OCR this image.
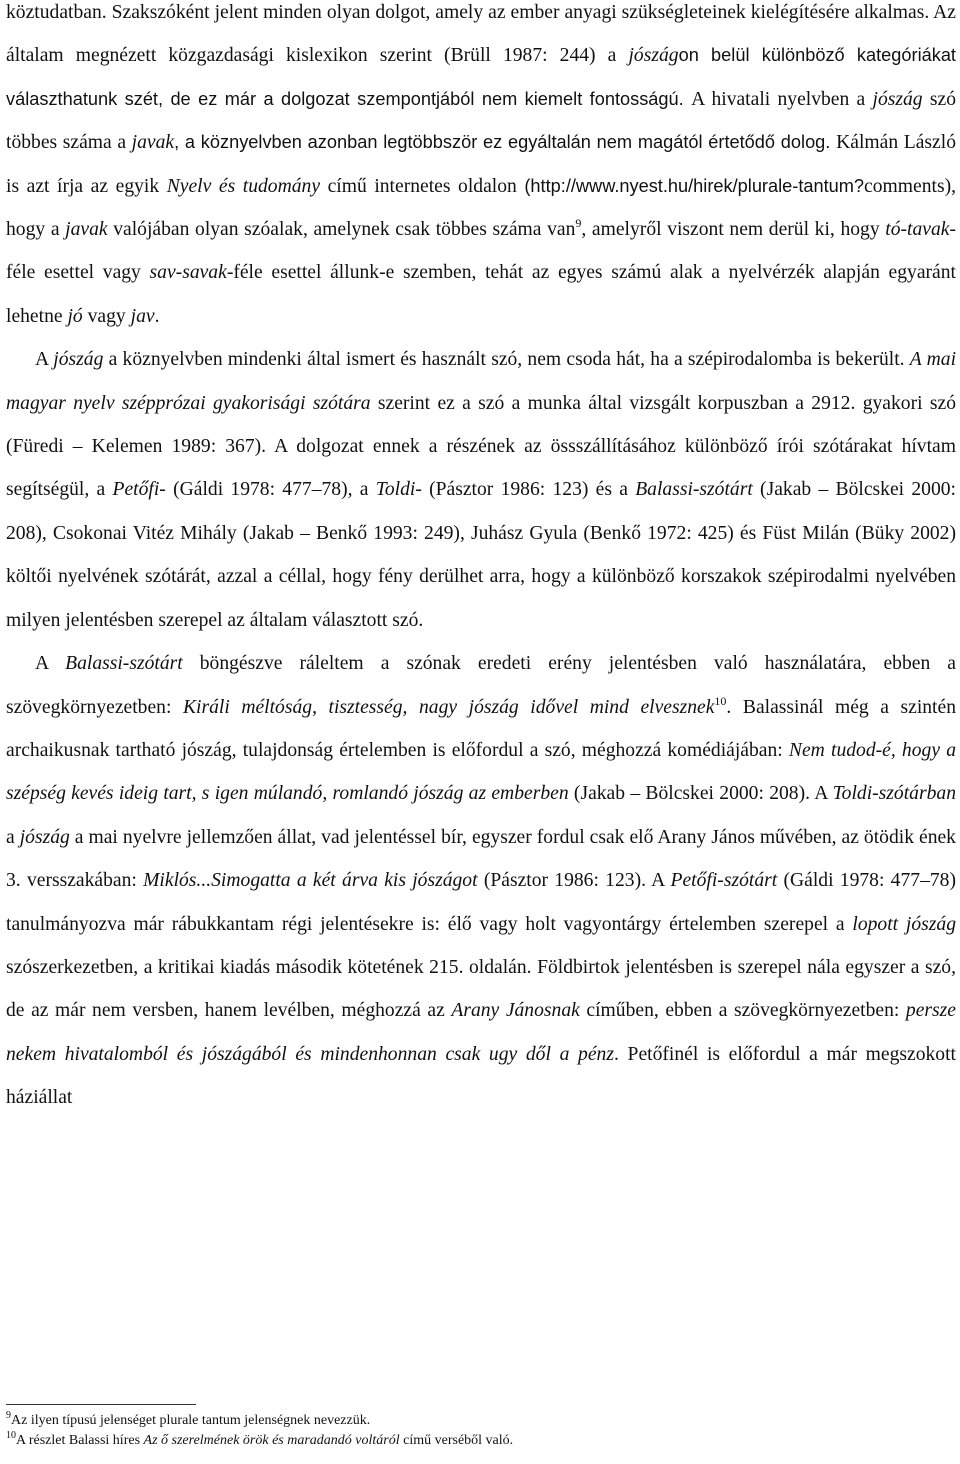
köztudatban. Szakszóként jelent minden olyan dolgot, amely az ember anyagi szükségleteinek kielégítésére alkalmas. Az általam megnézett közgazdasági kislexikon szerint (Brüll 1987: 244) a jószágon belül különböző kategóriákat választhatunk szét, de ez már a dolgozat szempontjából nem kiemelt fontosságú. A hivatali nyelvben a jószág szó többes száma a javak, a köznyelvben azonban legtöbbször ez egyáltalán nem magától értetődő dolog. Kálmán László is azt írja az egyik Nyelv és tudomány című internetes oldalon (http://www.nyest.hu/hirek/plurale-tantum?comments), hogy a javak valójában olyan szóalak, amelynek csak többes száma van$^9$, amelyről viszont nem derül ki, hogy tó-tavak-féle esettel vagy sav-savak-féle esettel állunk-e szemben, tehát az egyes számú alak a nyelvérzék alapján egyaránt lehetne jó vagy jav.

A jószág a köznyelvben mindenki által ismert és használt szó, nem csoda hát, ha a szépirodalomba is bekerült. A mai magyar nyelv szépprózai gyakorisági szótára szerint ez a szó a munka által vizsgált korpuszban a 2912. gyakori szó (Füredi – Kelemen 1989: 367). A dolgozat ennek a részének az össszállításához különböző írói szótárakat hívtam segítségül, a Petőfi- (Gáldi 1978: 477–78), a Toldi- (Pásztor 1986: 123) és a Balassi-szótárt (Jakab – Bölcskei 2000: 208), Csokonai Vitéz Mihály (Jakab – Benkő 1993: 249), Juhász Gyula (Benkő 1972: 425) és Füst Milán (Büky 2002) költői nyelvének szótárát, azzal a céllal, hogy fény derülhet arra, hogy a különböző korszakok szépirodalmi nyelvében milyen jelentésben szerepel az általam választott szó.

A Balassi-szótárt böngészve ráleltem a szónak eredeti erény jelentésben való használatára, ebben a szövegkörnyezetben: Királi méltóság, tisztesség, nagy jószág idővel mind elvesznek$^{10}$. Balassinál még a szintén archaikusnak tartható jószág, tulajdonság értelemben is előfordul a szó, méghozzá komédiájában: Nem tudod-é, hogy a szépség kevés ideig tart, s igen múlandó, romlandó jószág az emberben (Jakab – Bölcskei 2000: 208). A Toldi-szótárban a jószág a mai nyelvre jellemzően állat, vad jelentéssel bír, egyszer fordul csak elő Arany János művében, az ötödik ének 3. versszakában: Miklós...Simogatta a két árva kis jószágot (Pásztor 1986: 123). A Petőfi-szótárt (Gáldi 1978: 477–78) tanulmányozva már rábukkantam régi jelentésekre is: élő vagy holt vagyontárgy értelemben szerepel a lopott jószág szószerkezetben, a kritikai kiadás második kötetének 215. oldalán. Földbirtok jelentésben is szerepel nála egyszer a szó, de az már nem versben, hanem levélben, méghozzá az Arany Jánosnak címűben, ebben a szövegkörnyezetben: persze nekem hivatalomból és jószágából és mindenhonnan csak ugy dől a pénz. Petőfinél is előfordul a már megszokott háziállat

$^9$Az ilyen típusú jelenséget plurale tantum jelenségnek nevezzük.

$^{10}$A részlet Balassi híres Az ő szerelmének örök és maradandó voltáról című verséből való.
